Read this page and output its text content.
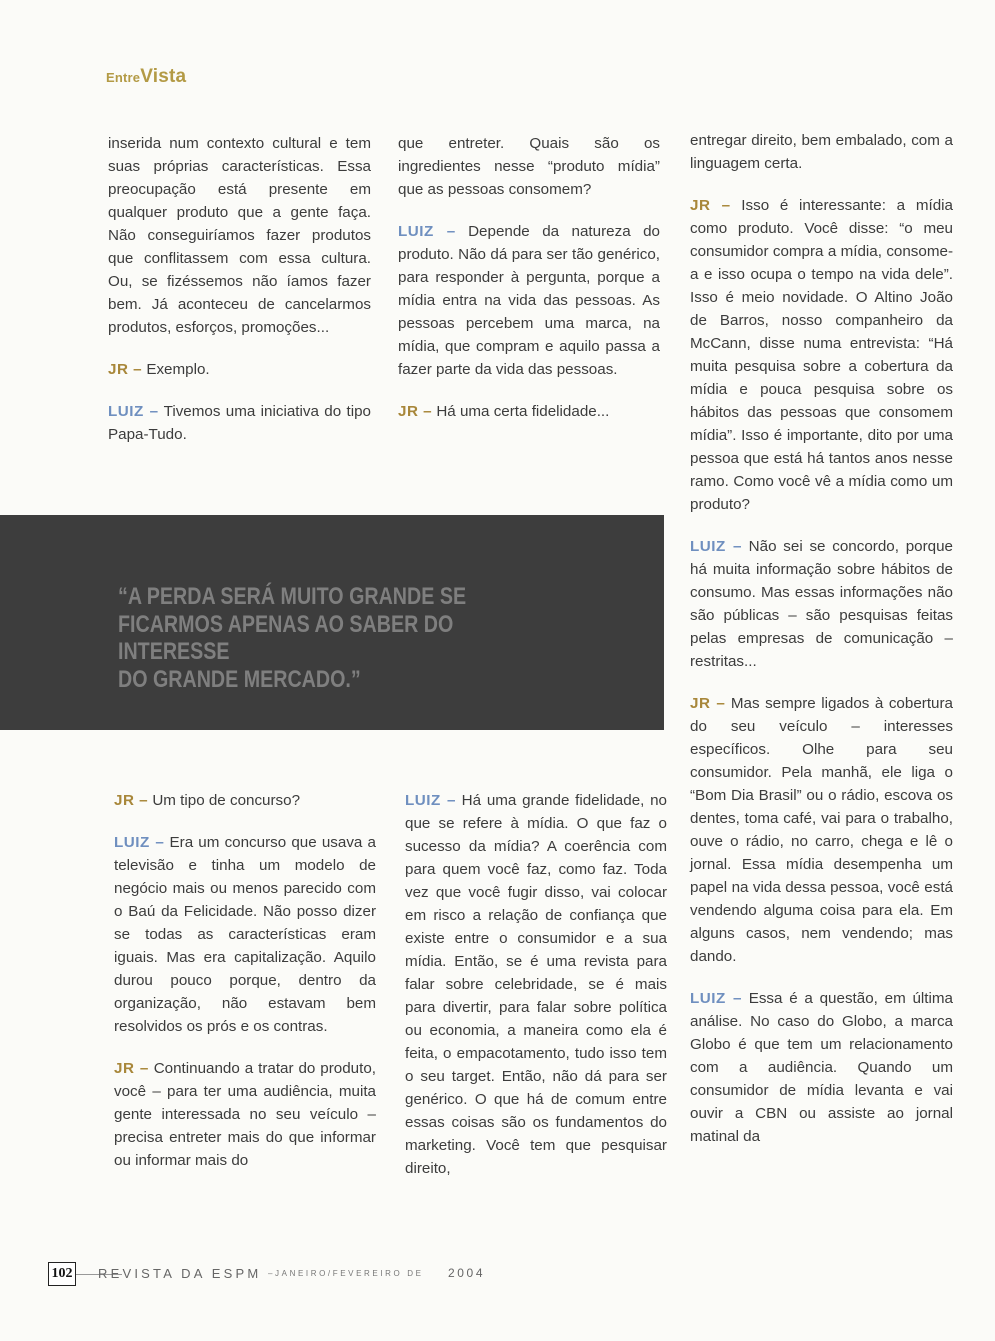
EntreVista

inserida num contexto cultural e tem suas próprias características. Essa preocupação está presente em qualquer produto que a gente faça. Não conseguiríamos fazer produtos que conflitassem com essa cultura. Ou, se fizéssemos não íamos fazer bem. Já aconteceu de cancelarmos produtos, esforços, promoções...

JR – Exemplo.

LUIZ – Tivemos uma iniciativa do tipo Papa-Tudo.

que entreter. Quais são os ingredientes nesse “produto mídia” que as pessoas consomem?

LUIZ – Depende da natureza do produto. Não dá para ser tão genérico, para responder à pergunta, porque a mídia entra na vida das pessoas. As pessoas percebem uma marca, na mídia, que compram e aquilo passa a fazer parte da vida das pessoas.

JR – Há uma certa fidelidade...

entregar direito, bem embalado, com a linguagem certa.

JR – Isso é interessante: a mídia como produto. Você disse: “o meu consumidor compra a mídia, consome-a e isso ocupa o tempo na vida dele”. Isso é meio novidade. O Altino João de Barros, nosso companheiro da McCann, disse numa entrevista: “Há muita pesquisa sobre a cobertura da mídia e pouca pesquisa sobre os hábitos das pessoas que consomem mídia”. Isso é importante, dito por uma pessoa que está há tantos anos nesse ramo. Como você vê a mídia como um produto?

LUIZ – Não sei se concordo, porque há muita informação sobre hábitos de consumo. Mas essas informações não são públicas – são pesquisas feitas pelas empresas de comunicação – restritas...

JR – Mas sempre ligados à cobertura do seu veículo – interesses específicos. Olhe para seu consumidor. Pela manhã, ele liga o “Bom Dia Brasil” ou o rádio, escova os dentes, toma café, vai para o trabalho, ouve o rádio, no carro, chega e lê o jornal. Essa mídia desempenha um papel na vida dessa pessoa, você está vendendo alguma coisa para ela. Em alguns casos, nem vendendo; mas dando.

LUIZ – Essa é a questão, em última análise. No caso do Globo, a marca Globo é que tem um relacionamento com a audiência. Quando um consumidor de mídia levanta e vai ouvir a CBN ou assiste ao jornal matinal da

“A PERDA SERÁ MUITO GRANDE SE
FICARMOS APENAS AO SABER DO INTERESSE
DO GRANDE MERCADO.”

JR – Um tipo de concurso?

LUIZ – Era um concurso que usava a televisão e tinha um modelo de negócio mais ou menos parecido com o Baú da Felicidade. Não posso dizer se todas as características eram iguais. Mas era capitalização. Aquilo durou pouco porque, dentro da organização, não estavam bem resolvidos os prós e os contras.

JR – Continuando a tratar do produto, você – para ter uma audiência, muita gente interessada no seu veículo – precisa entreter mais do que informar ou informar mais do

LUIZ – Há uma grande fidelidade, no que se refere à mídia. O que faz o sucesso da mídia? A coerência com para quem você faz, como faz. Toda vez que você fugir disso, vai colocar em risco a relação de confiança que existe entre o consumidor e a sua mídia. Então, se é uma revista para falar sobre celebridade, se é mais para divertir, para falar sobre política ou economia, a maneira como ela é feita, o empacotamento, tudo isso tem o seu target. Então, não dá para ser genérico. O que há de comum entre essas coisas são os fundamentos do marketing. Você tem que pesquisar direito,

102 REVISTA DA ESPM –JANEIRO/FEVEREIRO DE 2004
